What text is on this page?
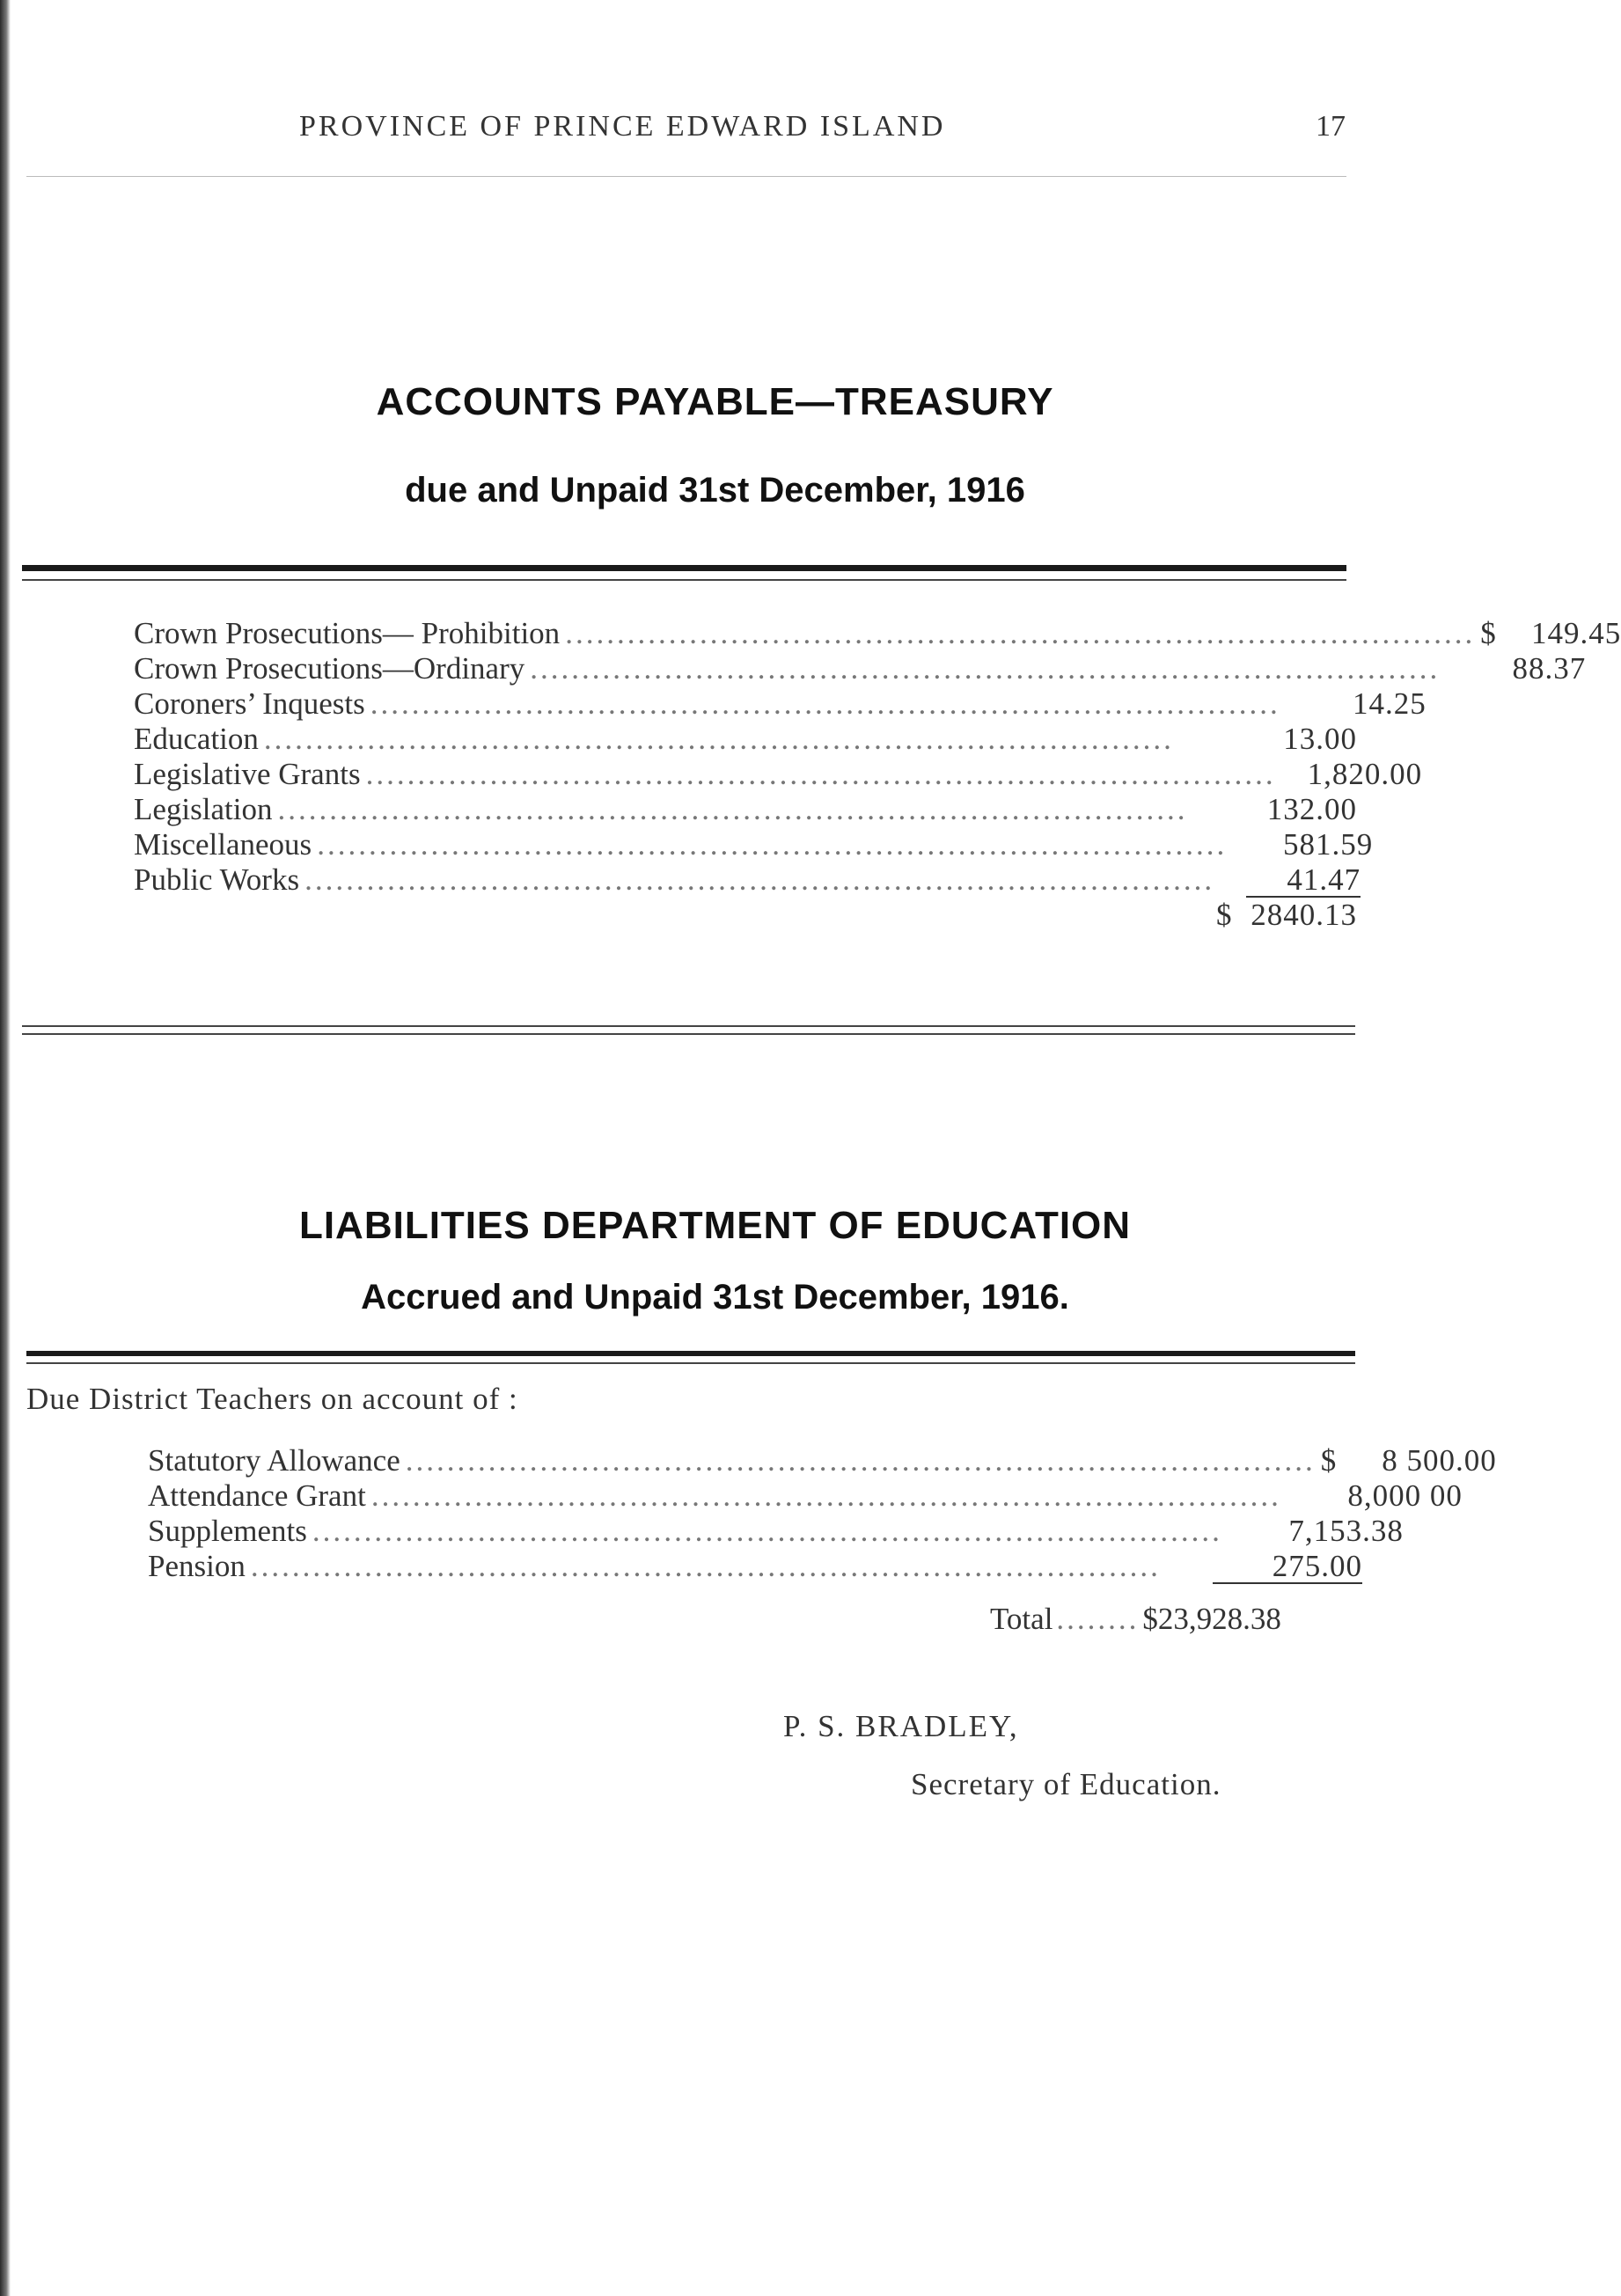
PROVINCE OF PRINCE EDWARD ISLAND	17
ACCOUNTS PAYABLE—TREASURY
due and Unpaid 31st December, 1916
Crown Prosecutions— Prohibition ........................................................................................ $	149.45
Crown Prosecutions—Ordinary ........................................................................................	88.37
Coroners’ Inquests ........................................................................................	14.25
Education ........................................................................................	13.00
Legislative Grants ........................................................................................ 1,820.00
Legislation ........................................................................................	132.00
Miscellaneous ........................................................................................	581.59
Public Works ........................................................................................	41.47
$ 2840.13
LIABILITIES DEPARTMENT OF EDUCATION
Accrued and Unpaid 31st December, 1916.
Due District Teachers on account of :
Statutory Allowance ........................................................................................ $	8 500.00
Attendance Grant ........................................................................................	8,000 00
Supplements ........................................................................................	7,153.38
Pension ........................................................................................	275.00
Total ........ $23,928.38
P. S. BRADLEY,
Secretary of Education.
